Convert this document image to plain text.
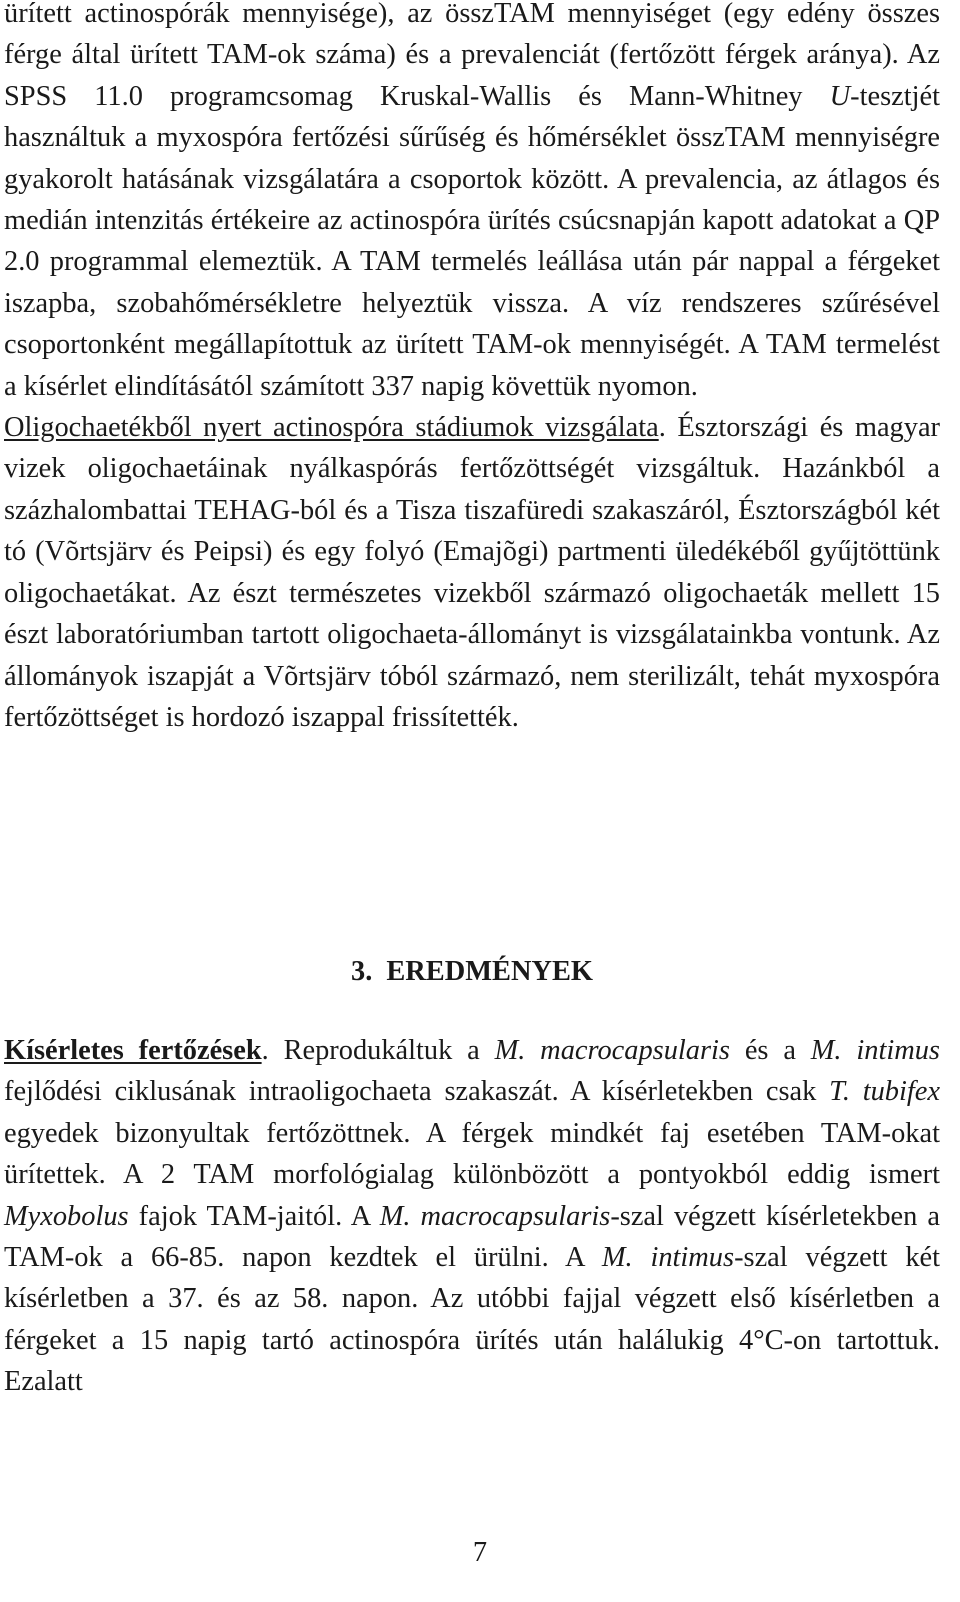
ürített actinospórák mennyisége), az összTAM mennyiséget (egy edény összes férge által ürített TAM-ok száma) és a prevalenciát (fertőzött férgek aránya). Az SPSS 11.0 programcsomag Kruskal-Wallis és Mann-Whitney U-tesztjét használtuk a myxospóra fertőzési sűrűség és hőmérséklet összTAM mennyiségre gyakorolt hatásának vizsgálatára a csoportok között. A prevalencia, az átlagos és medián intenzitás értékeire az actinospóra ürítés csúcsnapján kapott adatokat a QP 2.0 programmal elemeztük. A TAM termelés leállása után pár nappal a férgeket iszapba, szobahőmérsékletre helyeztük vissza. A víz rendszeres szűrésével csoportonként megállapítottuk az ürített TAM-ok mennyiségét. A TAM termelést a kísérlet elindításától számított 337 napig követtük nyomon.

Oligochaetékből nyert actinospóra stádiumok vizsgálata. Észtországi és magyar vizek oligochaetáinak nyálkaspórás fertőzöttségét vizsgáltuk. Hazánkból a százhalombattai TEHAG-ból és a Tisza tiszafüredi szakaszáról, Észtországból két tó (Võrtsjärv és Peipsi) és egy folyó (Emajõgi) partmenti üledékéből gyűjtöttünk oligochaetákat. Az észt természetes vizekből származó oligochaeták mellett 15 észt laboratóriumban tartott oligochaeta-állományt is vizsgálatainkba vontunk. Az állományok iszapját a Võrtsjärv tóból származó, nem sterilizált, tehát myxospóra fertőzöttséget is hordozó iszappal frissítették.

3. EREDMÉNYEK

Kísérletes fertőzések. Reprodukáltuk a M. macrocapsularis és a M. intimus fejlődési ciklusának intraoligochaeta szakaszát. A kísérletekben csak T. tubifex egyedek bizonyultak fertőzöttnek. A férgek mindkét faj esetében TAM-okat ürítettek. A 2 TAM morfológialag különbözött a pontyokból eddig ismert Myxobolus fajok TAM-jaitól. A M. macrocapsularis-szal végzett kísérletekben a TAM-ok a 66-85. napon kezdtek el ürülni. A M. intimus-szal végzett két kísérletben a 37. és az 58. napon. Az utóbbi fajjal végzett első kísérletben a férgeket a 15 napig tartó actinospóra ürítés után halálukig 4°C-on tartottuk. Ezalatt

7
